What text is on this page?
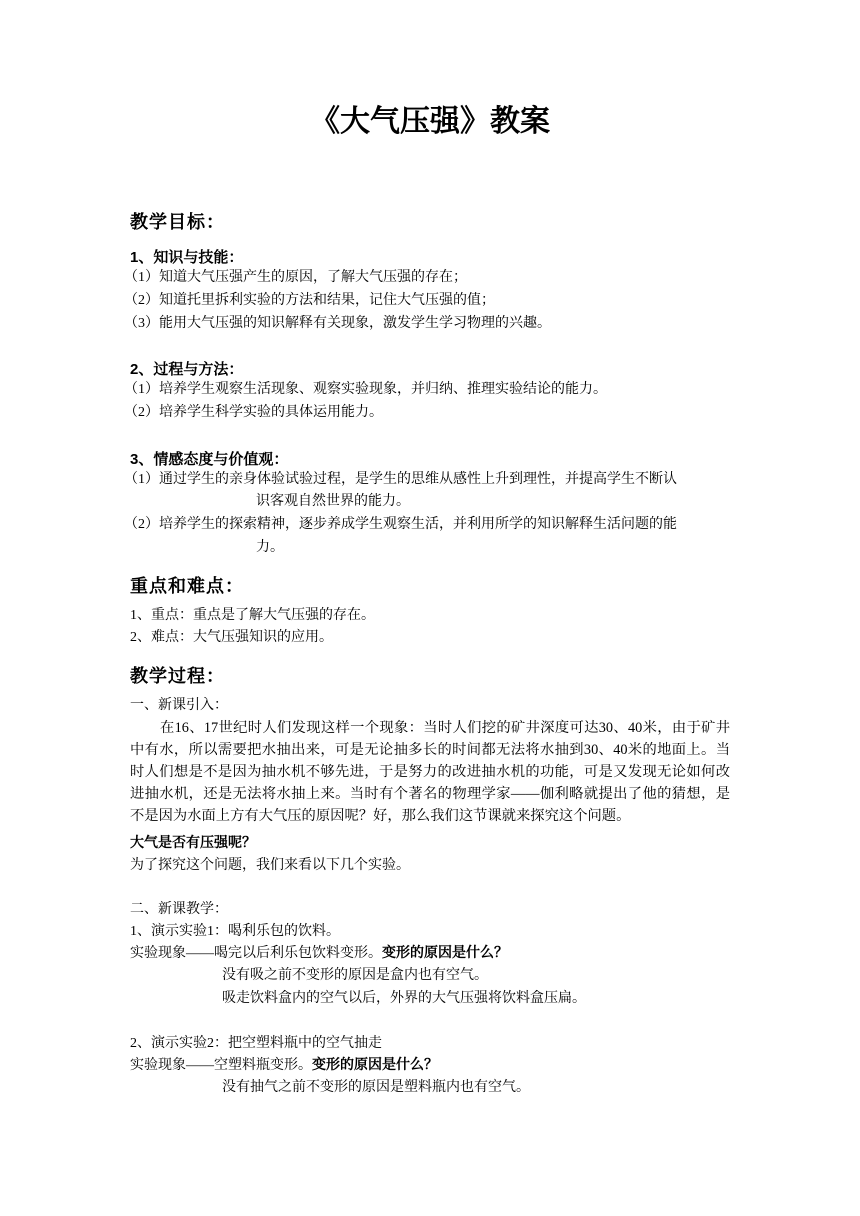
《大气压强》教案
教学目标：
1、知识与技能：
（1）知道大气压强产生的原因，了解大气压强的存在；
（2）知道托里拆利实验的方法和结果，记住大气压强的值；
（3）能用大气压强的知识解释有关现象，激发学生学习物理的兴趣。
2、过程与方法：
（1）培养学生观察生活现象、观察实验现象，并归纳、推理实验结论的能力。
（2）培养学生科学实验的具体运用能力。
3、情感态度与价值观：
（1）通过学生的亲身体验试验过程，是学生的思维从感性上升到理性，并提高学生不断认
识客观自然世界的能力。
（2）培养学生的探索精神，逐步养成学生观察生活，并利用所学的知识解释生活问题的能
力。
重点和难点：
1、重点：重点是了解大气压强的存在。
2、难点：大气压强知识的应用。
教学过程：
一、新课引入：
在16、17世纪时人们发现这样一个现象：当时人们挖的矿井深度可达30、40米，由于矿井中有水，所以需要把水抽出来，可是无论抽多长的时间都无法将水抽到30、40米的地面上。当时人们想是不是因为抽水机不够先进，于是努力的改进抽水机的功能，可是又发现无论如何改进抽水机，还是无法将水抽上来。当时有个著名的物理学家——伽利略就提出了他的猜想，是不是因为水面上方有大气压的原因呢？好，那么我们这节课就来探究这个问题。
大气是否有压强呢？
为了探究这个问题，我们来看以下几个实验。
二、新课教学：
1、演示实验1：喝利乐包的饮料。
实验现象——喝完以后利乐包饮料变形。变形的原因是什么？
没有吸之前不变形的原因是盒内也有空气。
吸走饮料盒内的空气以后，外界的大气压强将饮料盒压扁。
2、演示实验2：把空塑料瓶中的空气抽走
实验现象——空塑料瓶变形。变形的原因是什么？
没有抽气之前不变形的原因是塑料瓶内也有空气。
